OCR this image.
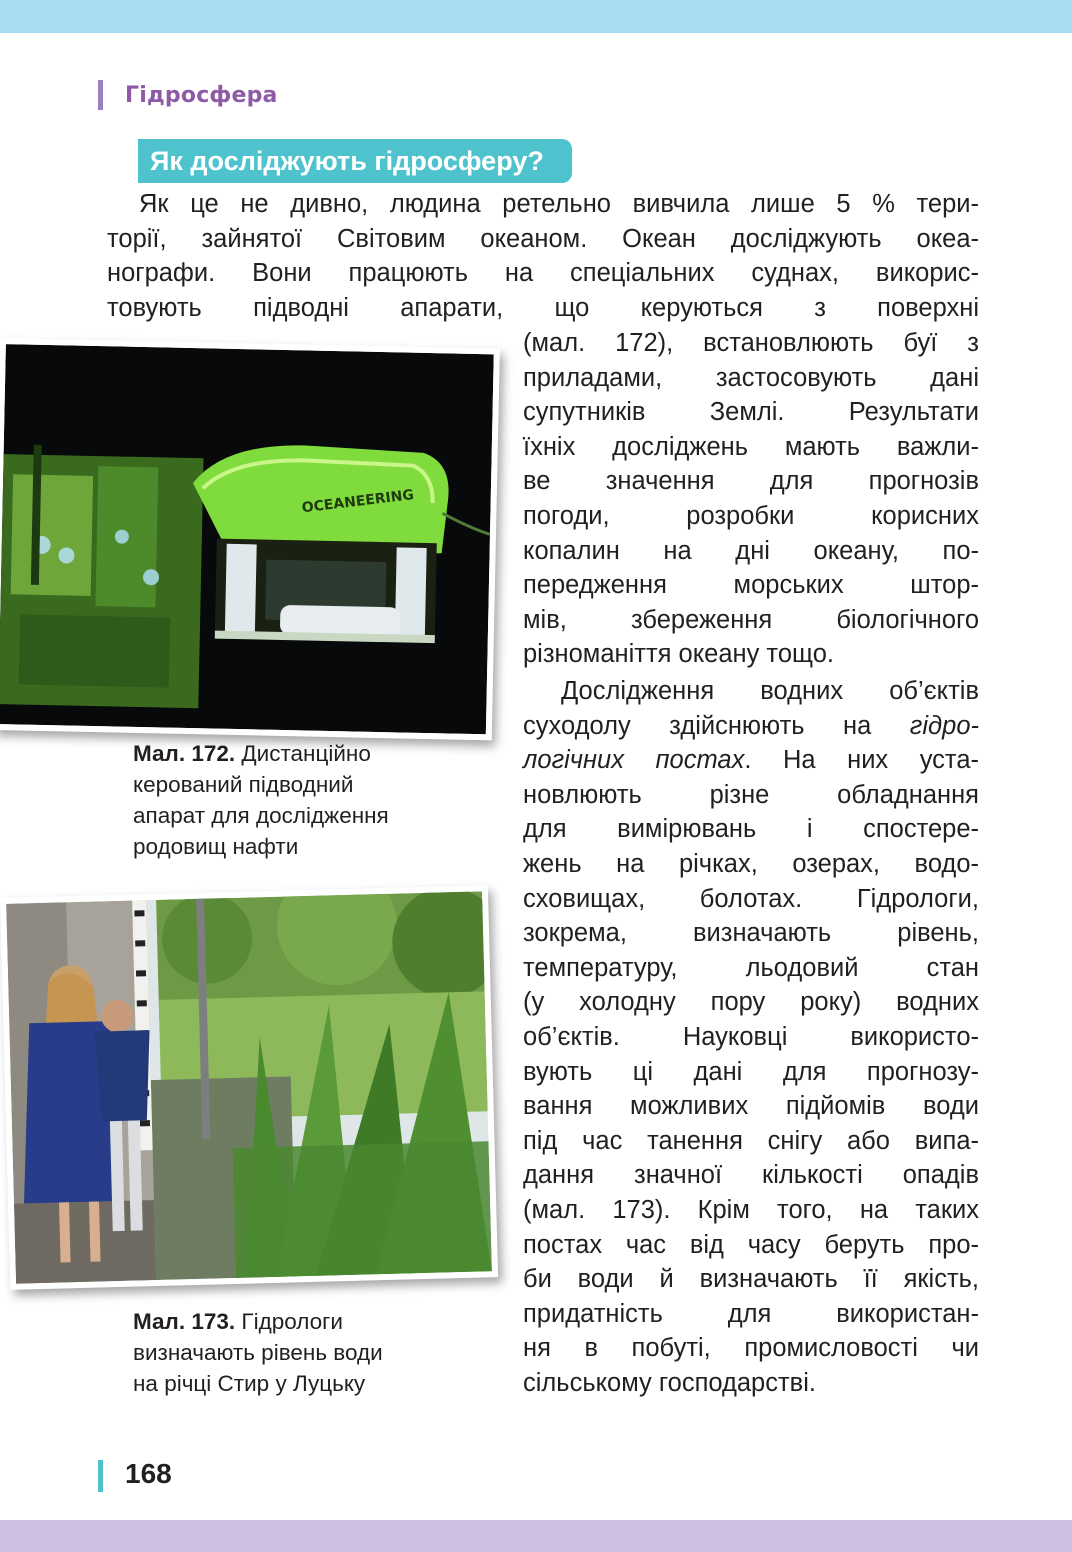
Гідросфера
Як досліджують гідросферу?
Як це не дивно, людина ретельно вивчила лише 5 % тери-
торії, зайнятої Світовим океаном. Океан досліджують океа-
нографи. Вони працюють на спеціальних суднах, викорис-
товують підводні апарати, що керуються з поверхні
(мал. 172), встановлюють буї з
приладами, застосовують дані
супутників Землі. Результати
їхніх досліджень мають важли-
ве значення для прогнозів
погоди, розробки корисних
копалин на дні океану, по-
передження морських штор-
мів, збереження біологічного
різноманіття океану тощо.
Дослідження водних об’єктів
суходолу здійснюють на гідро-
логічних постах. На них уста-
новлюють різне обладнання
для вимірювань і спостере-
жень на річках, озерах, водо-
сховищах, болотах. Гідрологи,
зокрема, визначають рівень,
температуру, льодовий стан
(у холодну пору року) водних
об’єктів. Науковці використо-
вують ці дані для прогнозу-
вання можливих підйомів води
під час танення снігу або випа-
дання значної кількості опадів
(мал. 173). Крім того, на таких
постах час від часу беруть про-
би води й визначають її якість,
придатність для використан-
ня в побуті, промисловості чи
сільському господарстві.
OCEANEERING
Мал. 172. Дистанційно
керований підводний
апарат для дослідження
родовищ нафти
Мал. 173. Гідрологи
визначають рівень води
на річці Стир у Луцьку
168
